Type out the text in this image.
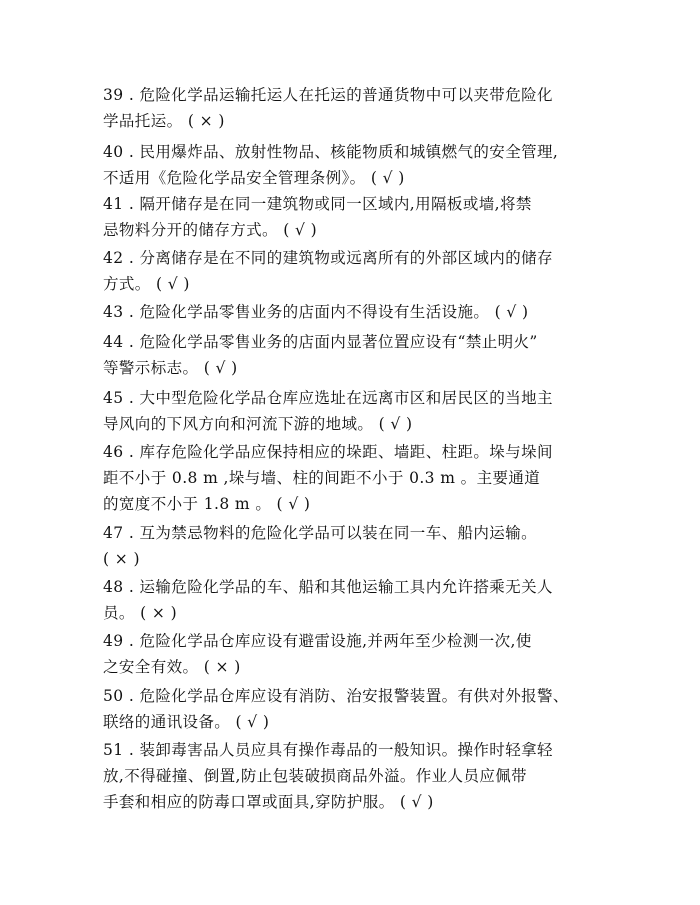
39 . 危险化学品运输托运人在托运的普通货物中可以夹带危险化
学品托运。 ( × )
40 . 民用爆炸品、放射性物品、核能物质和城镇燃气的安全管理,
不适用《危险化学品安全管理条例》。 ( √ )
41 . 隔开储存是在同一建筑物或同一区域内,用隔板或墙,将禁
忌物料分开的储存方式。 ( √ )
42 . 分离储存是在不同的建筑物或远离所有的外部区域内的储存
方式。 ( √ )
43 . 危险化学品零售业务的店面内不得设有生活设施。 ( √ )
44 . 危险化学品零售业务的店面内显著位置应设有“禁止明火”
等警示标志。 ( √ )
45 . 大中型危险化学品仓库应选址在远离市区和居民区的当地主
导风向的下风方向和河流下游的地域。 ( √ )
46 . 库存危险化学品应保持相应的垛距、墙距、柱距。垛与垛间
距不小于 0.8 m ,垛与墙、柱的间距不小于 0.3 m 。主要通道
的宽度不小于 1.8 m 。 ( √ )
47 . 互为禁忌物料的危险化学品可以装在同一车、船内运输。
( × )
48 . 运输危险化学品的车、船和其他运输工具内允许搭乘无关人
员。 ( × )
49 . 危险化学品仓库应设有避雷设施,并两年至少检测一次,使
之安全有效。 ( × )
50 . 危险化学品仓库应设有消防、治安报警装置。有供对外报警、
联络的通讯设备。 ( √ )
51 . 装卸毒害品人员应具有操作毒品的一般知识。操作时轻拿轻
放,不得碰撞、倒置,防止包装破损商品外溢。作业人员应佩带
手套和相应的防毒口罩或面具,穿防护服。 ( √ )
